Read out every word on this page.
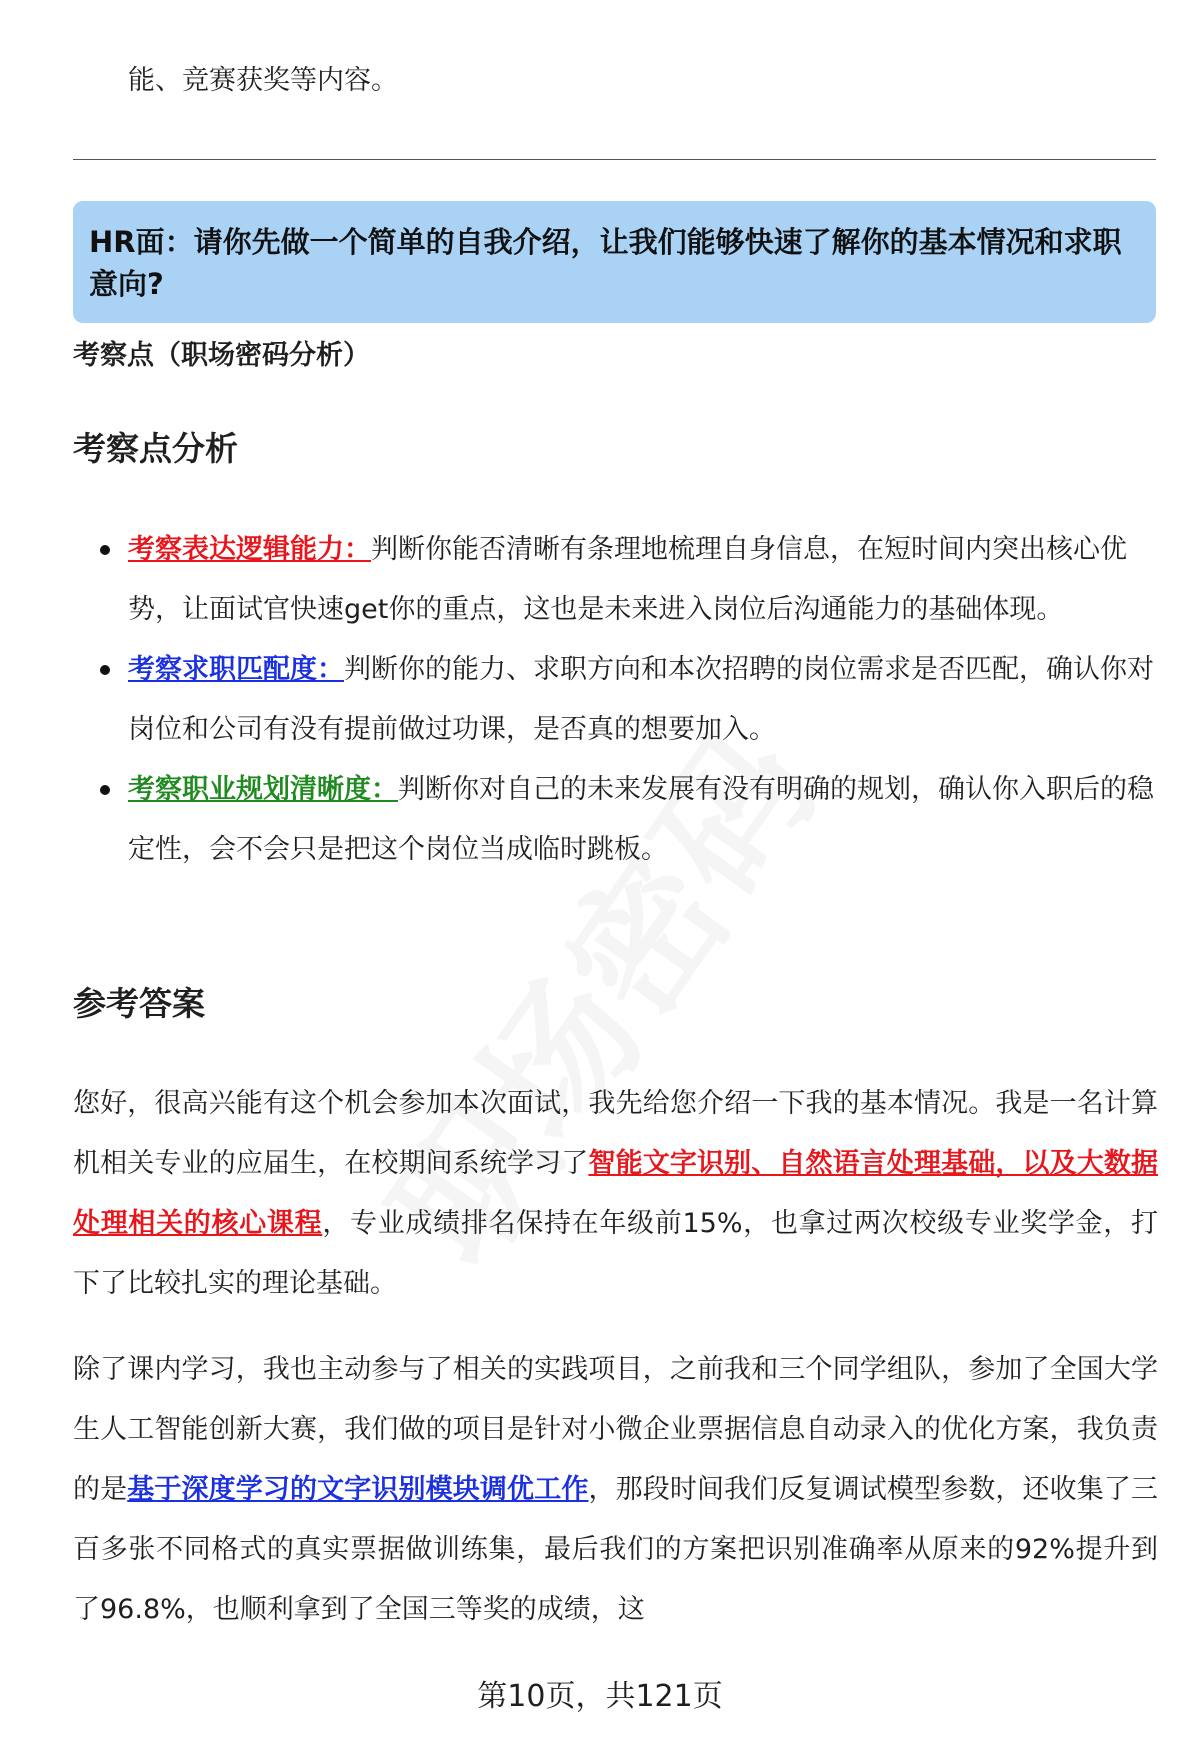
能、竞赛获奖等内容。
HR面：请你先做一个简单的自我介绍，让我们能够快速了解你的基本情况和求职意向?
考察点（职场密码分析）
考察点分析
考察表达逻辑能力：判断你能否清晰有条理地梳理自身信息，在短时间内突出核心优势，让面试官快速get你的重点，这也是未来进入岗位后沟通能力的基础体现。
考察求职匹配度：判断你的能力、求职方向和本次招聘的岗位需求是否匹配，确认你对岗位和公司有没有提前做过功课，是否真的想要加入。
考察职业规划清晰度：判断你对自己的未来发展有没有明确的规划，确认你入职后的稳定性，会不会只是把这个岗位当成临时跳板。
参考答案

您好，很高兴能有这个机会参加本次面试，我先给您介绍一下我的基本情况。我是一名计算机相关专业的应届生，在校期间系统学习了智能文字识别、自然语言处理基础，以及大数据处理相关的核心课程，专业成绩排名保持在年级前15%，也拿过两次校级专业奖学金，打下了比较扎实的理论基础。

除了课内学习，我也主动参与了相关的实践项目，之前我和三个同学组队，参加了全国大学生人工智能创新大赛，我们做的项目是针对小微企业票据信息自动录入的优化方案，我负责的是基于深度学习的文字识别模块调优工作，那段时间我们反复调试模型参数，还收集了三百多张不同格式的真实票据做训练集，最后我们的方案把识别准确率从原来的92%提升到了96.8%，也顺利拿到了全国三等奖的成绩，这

第10页，共121页
